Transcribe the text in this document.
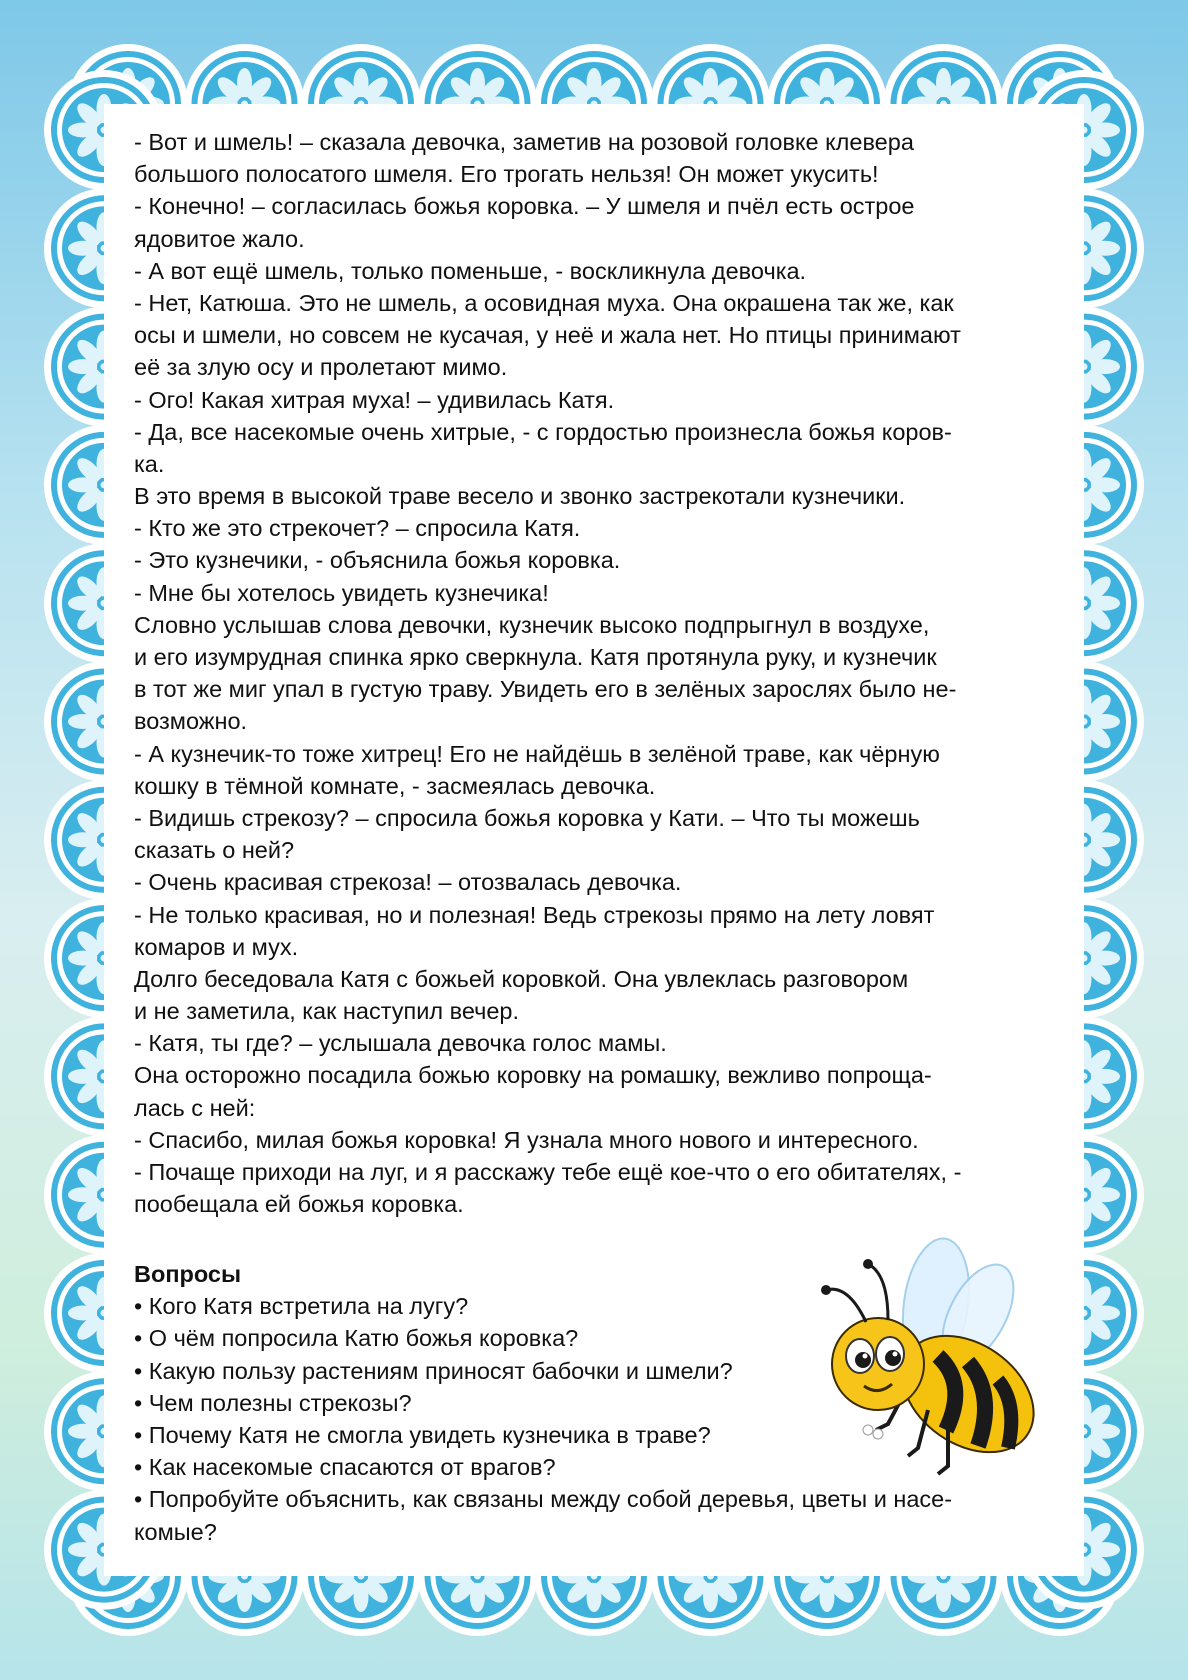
- Вот и шмель! – сказала девочка, заметив на розовой головке клевера
большого полосатого шмеля. Его трогать нельзя! Он может укусить!
- Конечно! – согласилась божья коровка. – У шмеля и пчёл есть острое
ядовитое жало.
- А вот ещё шмель, только поменьше, - воскликнула девочка.
- Нет, Катюша. Это не шмель, а осовидная муха. Она окрашена так же, как
осы и шмели, но совсем не кусачая, у неё и жала нет. Но птицы принимают
её за злую осу и пролетают мимо.
- Ого! Какая хитрая муха! – удивилась Катя.
- Да, все насекомые очень хитрые, - с гордостью произнесла божья коров-
ка.
В это время в высокой траве весело и звонко застрекотали кузнечики.
- Кто же это стрекочет? – спросила Катя.
- Это кузнечики, - объяснила божья коровка.
- Мне бы хотелось увидеть кузнечика!
Словно услышав слова девочки, кузнечик высоко подпрыгнул в воздухе,
и его изумрудная спинка ярко сверкнула. Катя протянула руку, и кузнечик
в тот же миг упал в густую траву. Увидеть его в зелёных зарослях было не-
возможно.
- А кузнечик-то тоже хитрец! Его не найдёшь в зелёной траве, как чёрную
кошку в тёмной комнате, - засмеялась девочка.
- Видишь стрекозу? – спросила божья коровка у Кати. – Что ты можешь
сказать о ней?
- Очень красивая стрекоза! – отозвалась девочка.
- Не только красивая, но и полезная! Ведь стрекозы прямо на лету ловят
комаров и мух.
Долго беседовала Катя с божьей коровкой. Она увлеклась разговором
и не заметила, как наступил вечер.
- Катя, ты где? – услышала девочка голос мамы.
Она осторожно посадила божью коровку на ромашку, вежливо попроща-
лась с ней:
- Спасибо, милая божья коровка! Я узнала много нового и интересного.
- Почаще приходи на луг, и я расскажу тебе ещё кое-что о его обитателях, -
пообещала ей божья коровка.
Вопросы
• Кого Катя встретила на лугу?
• О чём попросила Катю божья коровка?
• Какую пользу растениям приносят бабочки и шмели?
• Чем полезны стрекозы?
• Почему Катя не смогла увидеть кузнечика в траве?
• Как насекомые спасаются от врагов?
• Попробуйте объяснить, как связаны между собой деревья, цветы и насе-
комые?
